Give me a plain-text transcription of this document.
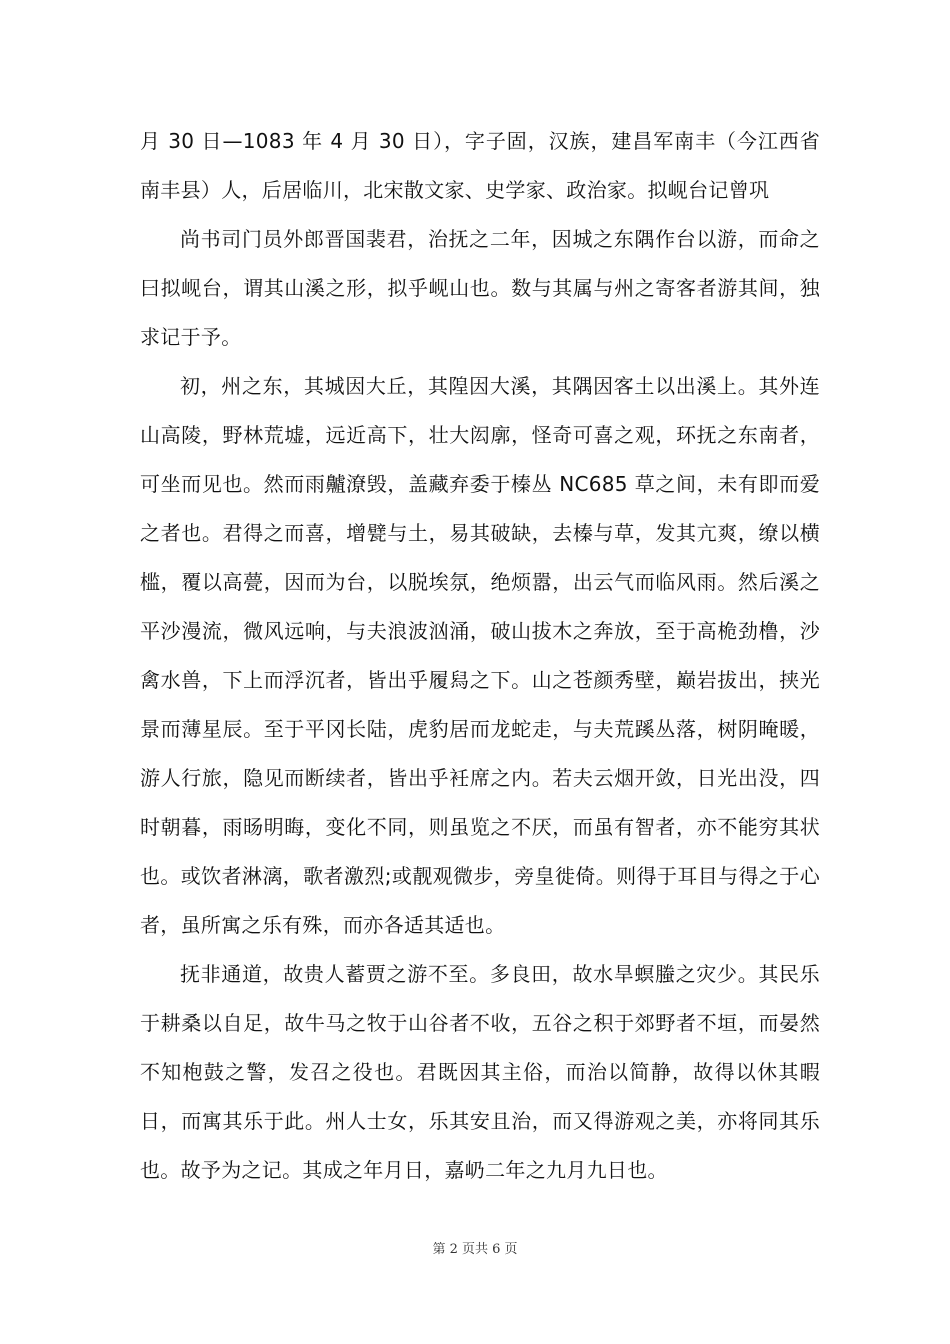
月 30 日—1083 年 4 月 30 日），字子固，汉族，建昌军南丰（今江西省南丰县）人，后居临川，北宋散文家、史学家、政治家。拟岘台记曾巩

尚书司门员外郎晋国裴君，治抚之二年，因城之东隅作台以游，而命之曰拟岘台，谓其山溪之形，拟乎岘山也。数与其属与州之寄客者游其间，独求记于予。

初，州之东，其城因大丘，其隍因大溪，其隅因客土以出溪上。其外连山高陵，野林荒墟，远近高下，壮大闳廓，怪奇可喜之观，环抚之东南者，可坐而见也。然而雨齇潦毁，盖藏弃委于榛丛 NC685 草之间，未有即而爱之者也。君得之而喜，增甓与土，易其破缺，去榛与草，发其亢爽，缭以横槛，覆以高甍，因而为台，以脱埃氛，绝烦嚣，出云气而临风雨。然后溪之平沙漫流，微风远响，与夫浪波汹涌，破山拔木之奔放，至于高桅劲橹，沙禽水兽，下上而浮沉者，皆出乎履舄之下。山之苍颜秀壁，巅岩拔出，挟光景而薄星辰。至于平冈长陆，虎豹居而龙蛇走，与夫荒蹊丛落，树阴晻暖，游人行旅，隐见而断续者，皆出乎衽席之内。若夫云烟开敛，日光出没，四时朝暮，雨旸明晦，变化不同，则虽览之不厌，而虽有智者，亦不能穷其状也。或饮者淋漓，歌者激烈;或靓观微步，旁皇徙倚。则得于耳目与得之于心者，虽所寓之乐有殊，而亦各适其适也。

抚非通道，故贵人蓄贾之游不至。多良田，故水旱螟螣之灾少。其民乐于耕桑以自足，故牛马之牧于山谷者不收，五谷之积于郊野者不垣，而晏然不知枹鼓之警，发召之役也。君既因其主俗，而治以简静，故得以休其暇日，而寓其乐于此。州人士女，乐其安且治，而又得游观之美，亦将同其乐也。故予为之记。其成之年月日，嘉屷二年之九月九日也。

第 2 页共 6 页
